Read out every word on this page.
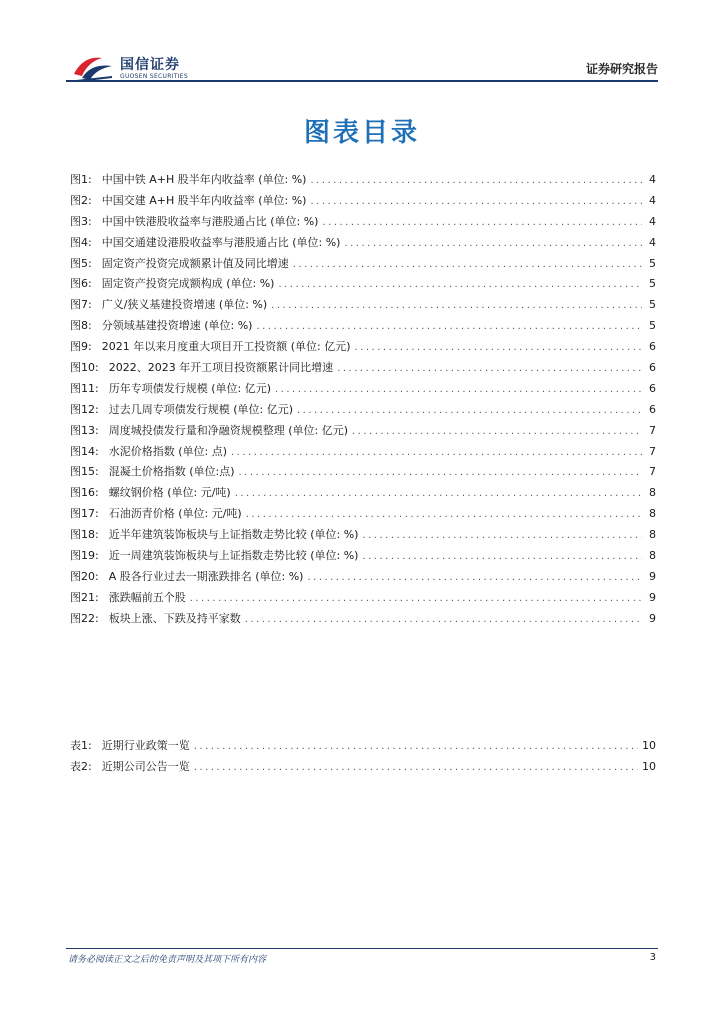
国信证券
GUOSEN SECURITIES
证券研究报告
图表目录
图1: 中国中铁 A+H 股半年内收益率 (单位: %) .....	4
图2: 中国交建 A+H 股半年内收益率 (单位: %) .....	4
图3: 中国中铁港股收益率与港股通占比 (单位: %) .....	4
图4: 中国交通建设港股收益率与港股通占比 (单位: %) .....	4
图5: 固定资产投资完成额累计值及同比增速 .....	5
图6: 固定资产投资完成额构成 (单位: %) .....	5
图7: 广义/狭义基建投资增速 (单位: %) .....	5
图8: 分领域基建投资增速 (单位: %) .....	5
图9: 2021 年以来月度重大项目开工投资额 (单位: 亿元) .....	6
图10: 2022、2023 年开工项目投资额累计同比增速 .....	6
图11: 历年专项债发行规模 (单位: 亿元) .....	6
图12: 过去几周专项债发行规模 (单位: 亿元) .....	6
图13: 周度城投债发行量和净融资规模整理 (单位: 亿元) .....	7
图14: 水泥价格指数 (单位: 点) .....	7
图15: 混凝土价格指数 (单位:点) .....	7
图16: 螺纹钢价格 (单位: 元/吨) .....	8
图17: 石油沥青价格 (单位: 元/吨) .....	8
图18: 近半年建筑装饰板块与上证指数走势比较 (单位: %) .....	8
图19: 近一周建筑装饰板块与上证指数走势比较 (单位: %) .....	8
图20: A 股各行业过去一期涨跌排名 (单位: %) .....	9
图21: 涨跌幅前五个股 .....	9
图22: 板块上涨、下跌及持平家数 .....	9
表1: 近期行业政策一览 .....	10
表2: 近期公司公告一览 .....	10
请务必阅读正文之后的免责声明及其项下所有内容	3
